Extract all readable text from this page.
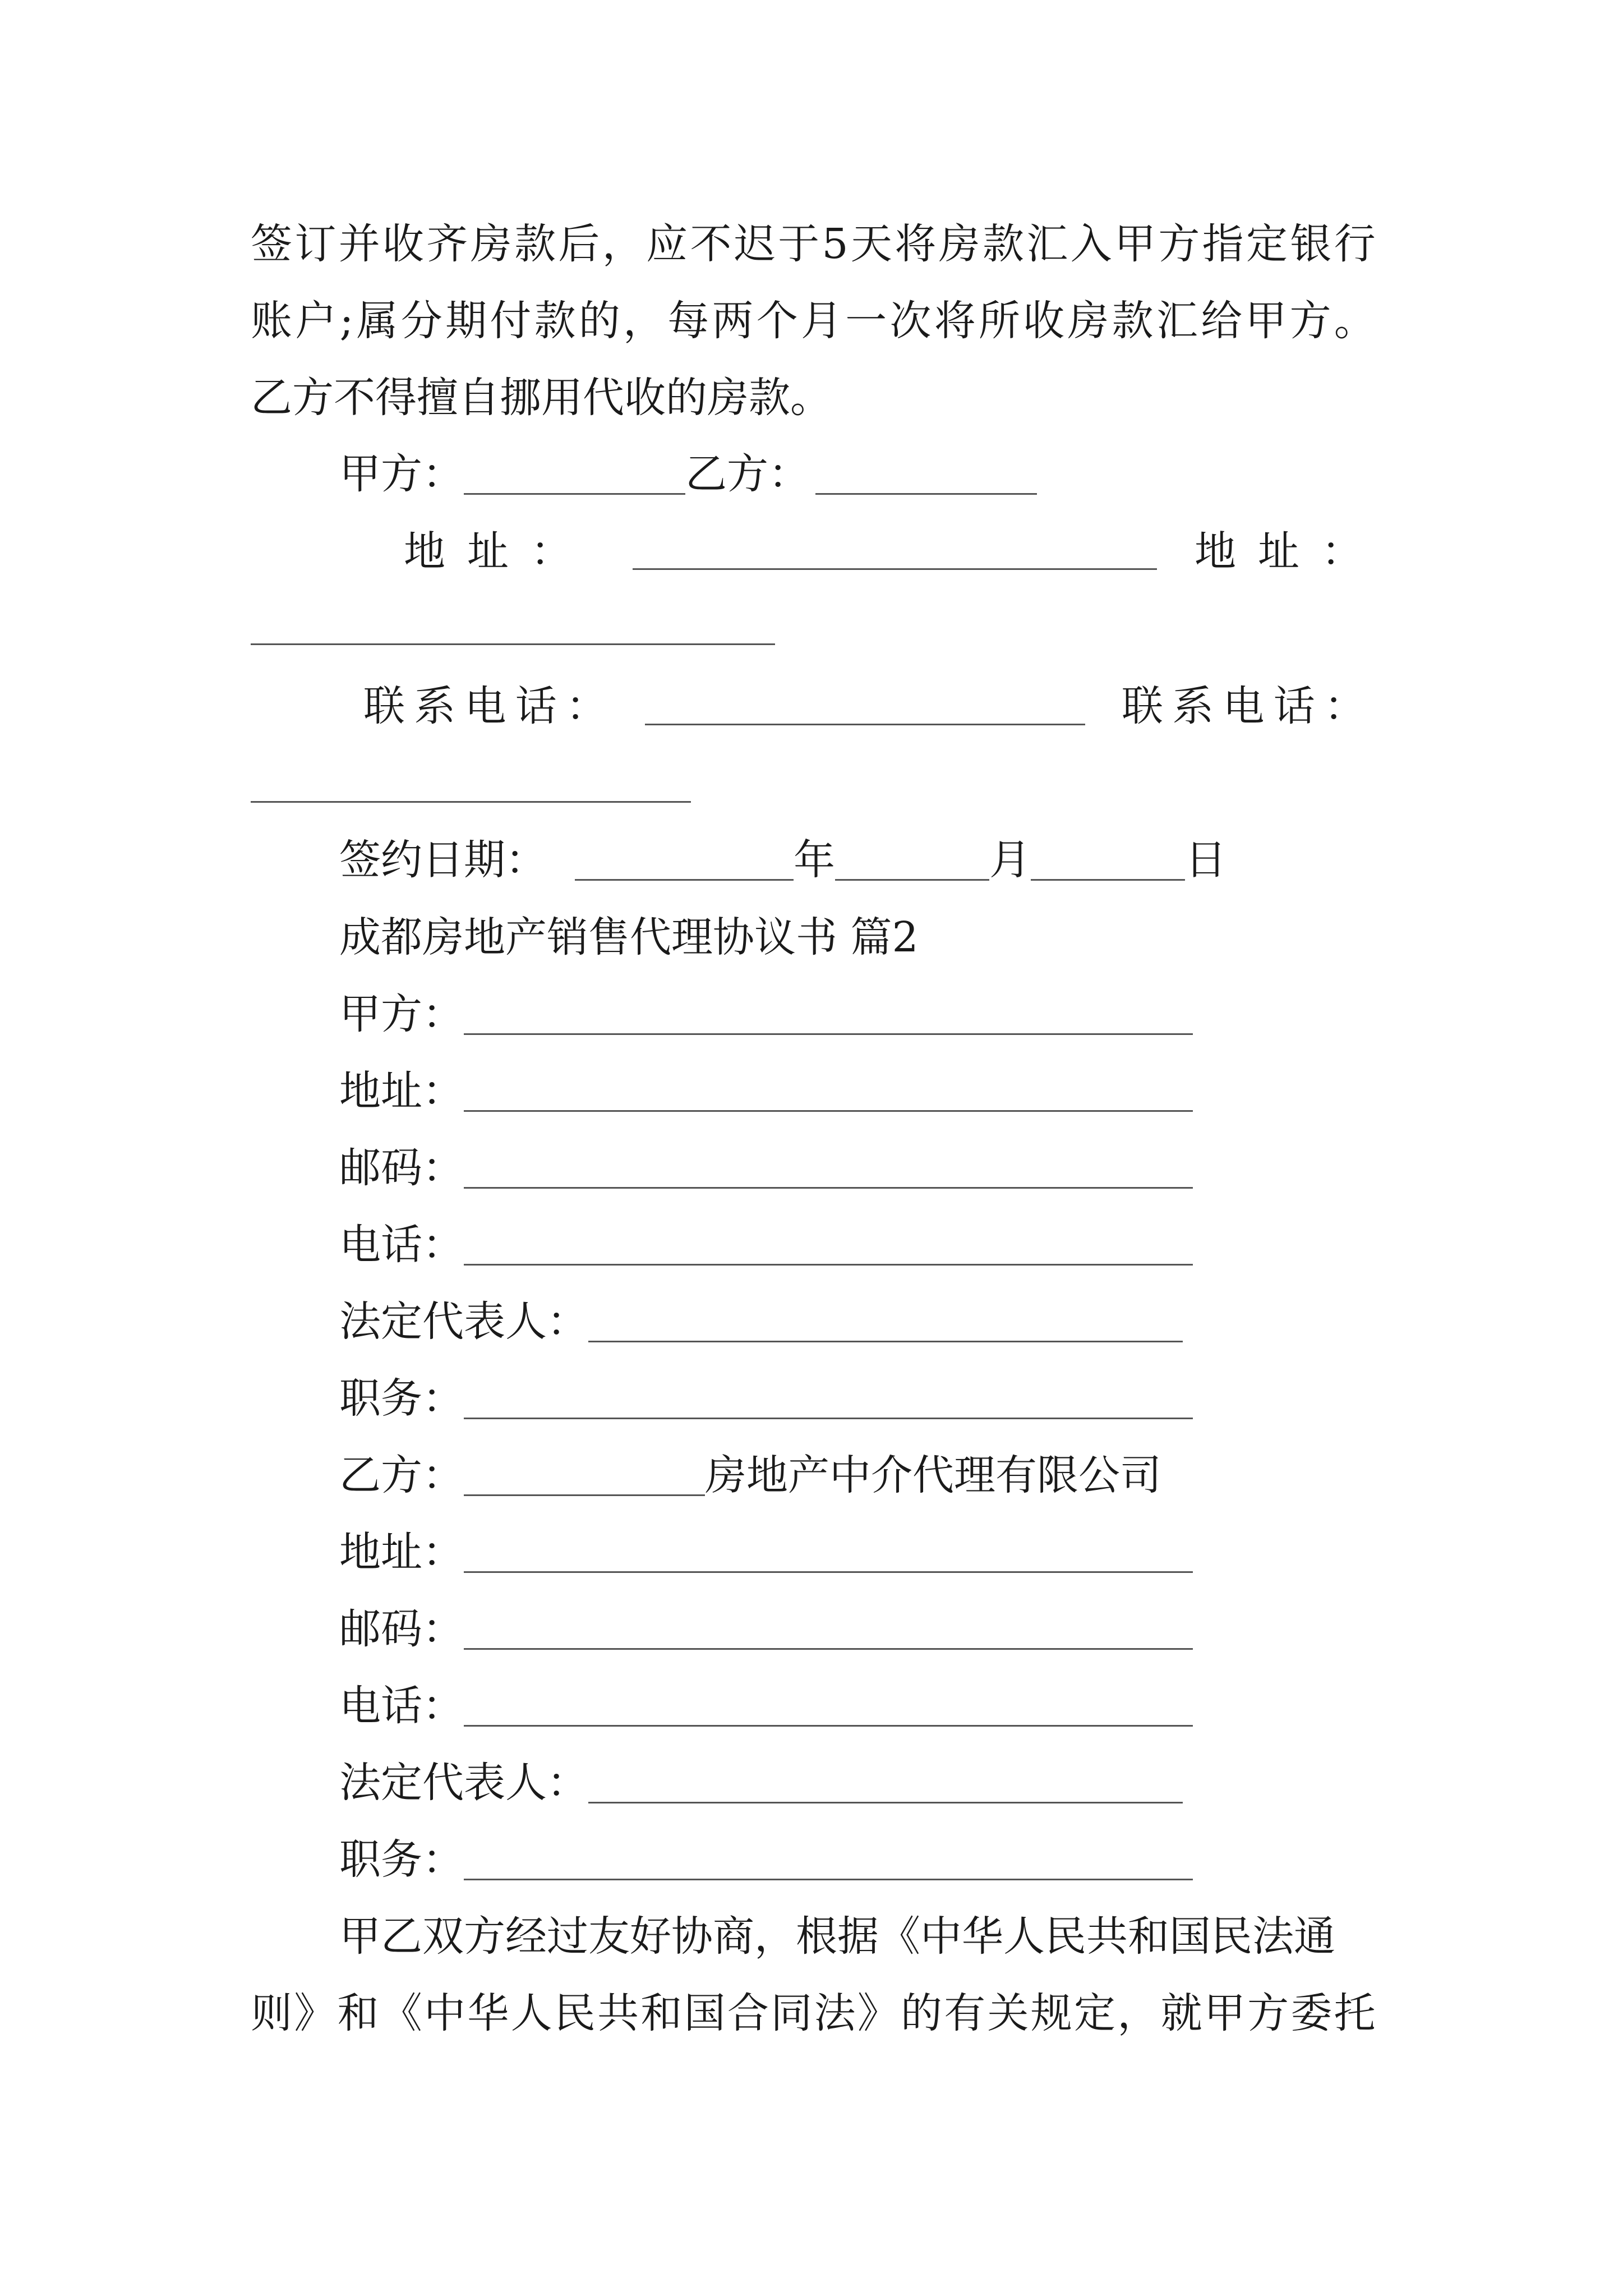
签 订 并 收 齐 房 款 后 ， 应 不 迟 于 5 天 将 房 款 汇 入 甲 方 指 定 银 行
账 户 ; 属 分 期 付 款 的 ， 每 两 个 月 一 次 将 所 收 房 款 汇 给 甲 方 。
乙方不得擅自挪用代收的房款。
甲方：	乙方：
地 址 ：	地 址 ：
联 系 电 话 ：	联 系 电 话 ：
签约日期：	年	月	日
成都房地产销售代理协议书 篇2
甲方：
地址：
邮码：
电话：
法定代表人：
职务：
乙方：	房地产中介代理有限公司
地址：
邮码：
电话：
法定代表人：
职务：
甲乙双方经过友好协商，根据《中华人民共和国民法通
则 》 和 《 中 华 人 民 共 和 国 合 同 法 》 的 有 关 规 定 ， 就 甲 方 委 托
